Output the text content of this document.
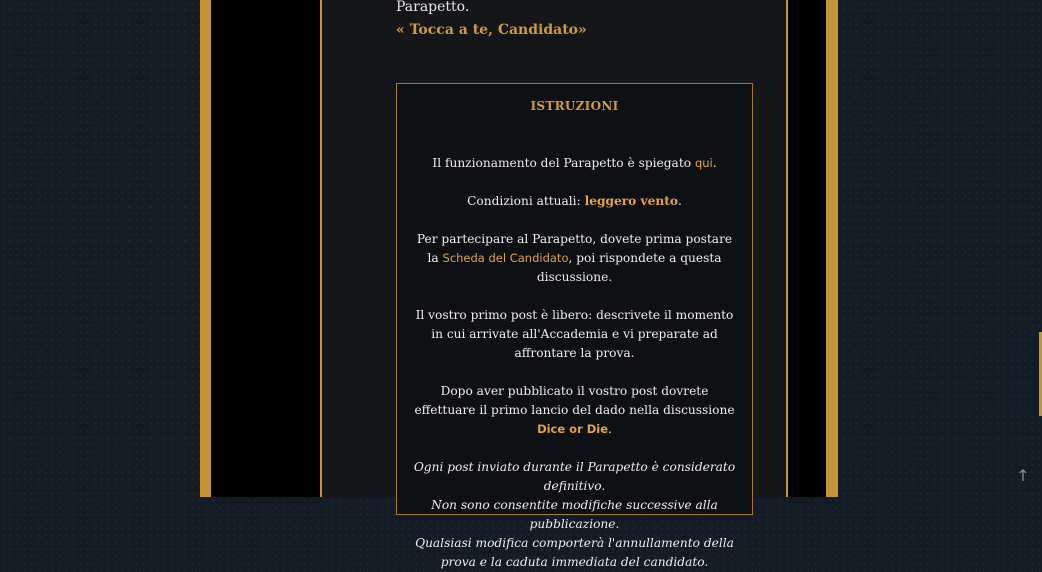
Parapetto.
« Tocca a te, Candidato»
ISTRUZIONI

Il funzionamento del Parapetto è spiegato qui.

Condizioni attuali: leggero vento.

Per partecipare al Parapetto, dovete prima postare la Scheda del Candidato, poi rispondete a questa discussione.

Il vostro primo post è libero: descrivete il momento in cui arrivate all'Accademia e vi preparate ad affrontare la prova.

Dopo aver pubblicato il vostro post dovrete effettuare il primo lancio del dado nella discussione Dice or Die.

Ogni post inviato durante il Parapetto è considerato definitivo.

Non sono consentite modifiche successive alla pubblicazione.

Qualsiasi modifica comporterà l'annullamento della prova e la caduta immediata del candidato.

↑
